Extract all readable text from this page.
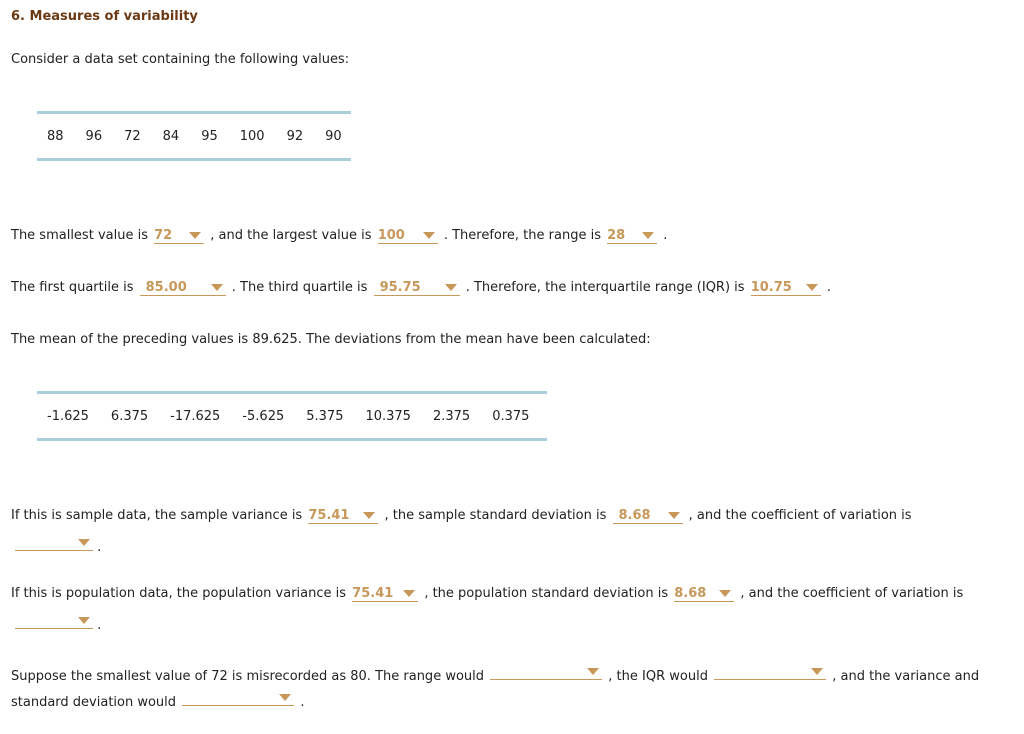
6. Measures of variability
Consider a data set containing the following values:
88 96 72 84 95 100 92 90
The smallest value is 72	, and the largest value is 100	. Therefore, the range is 28	.
The first quartile is 85.00	. The third quartile is 95.75	. Therefore, the interquartile range (IQR) is 10.75	.
The mean of the preceding values is 89.625. The deviations from the mean have been calculated:
-1.625 6.375 -17.625 -5.625 5.375 10.375 2.375 0.375
If this is sample data, the sample variance is 75.41	, the sample standard deviation is 8.68	, and the coefficient of variation is
.
If this is population data, the population variance is 75.41 , the population standard deviation is 8.68	, and the coefficient of variation is
.
Suppose the smallest value of 72 is misrecorded as 80. The range would	, the IQR would	, and the variance and
standard deviation would	.
